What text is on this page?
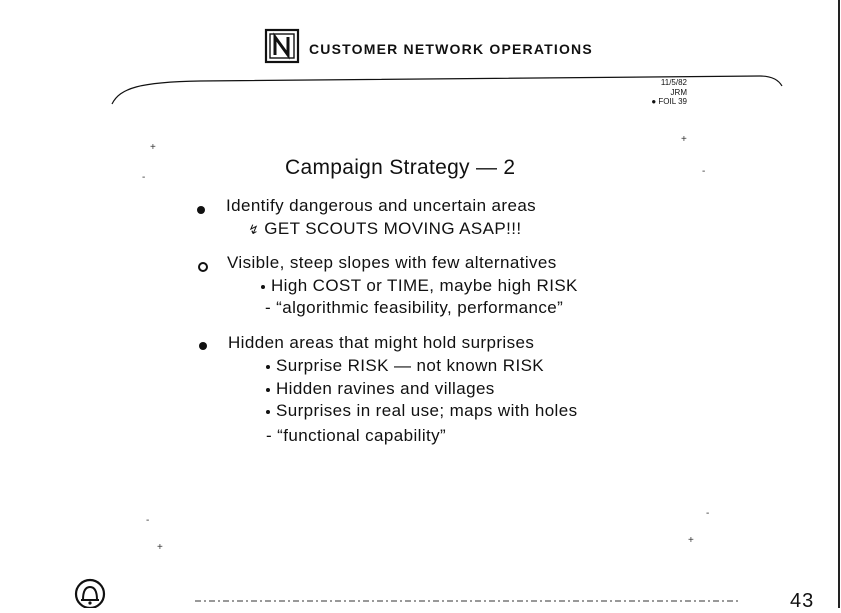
CUSTOMER NETWORK OPERATIONS
11/5/82
JRM
● FOIL 39
+
+
+
+
-
-
-
-
Campaign Strategy — 2
Identify dangerous and uncertain areas
↯ GET SCOUTS MOVING ASAP!!!
Visible, steep slopes with few alternatives
High COST or TIME, maybe high RISK
- “algorithmic feasibility, performance”
Hidden areas that might hold surprises
Surprise RISK — not known RISK
Hidden ravines and villages
Surprises in real use; maps with holes
- “functional capability”
43
